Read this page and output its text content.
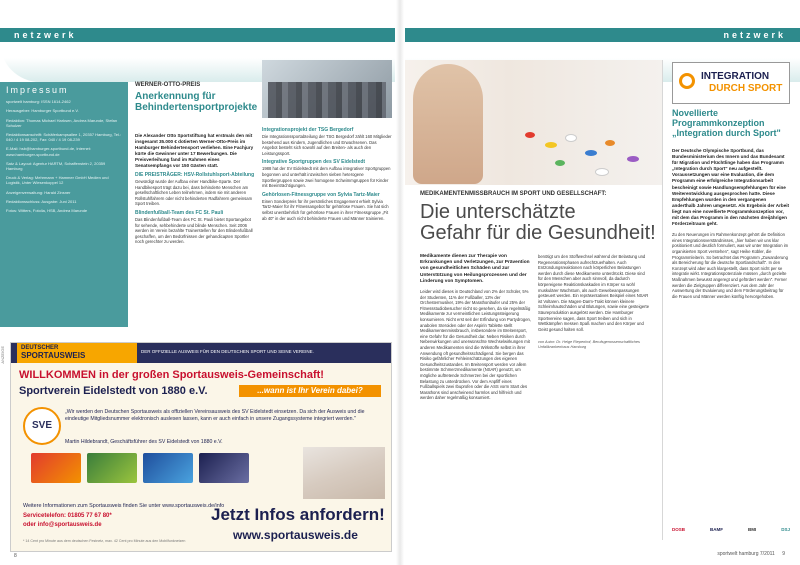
netzwerk
Impressum

sportwelt hamburg: ISSN 1614-2462

Herausgeber: Hamburger Sportbund e.V.

Redaktion: Thomas Michael Harksen, Andrea Marunde, Stefan Schulzer

Redaktionsanschrift: Schäferkampsallee 1, 20357 Hamburg, Tel.: 040 / 4 19 08-202, Fax: 040 / 4 19 08-239

E-Mail: hsb@hamburger-sportbund.de, Internet: www.hamburger-sportbund.de

Satz & Layout: Agentur HARTM, Schaffenstein 2, 20359 Hamburg

Druck & Verlag: Mehrmann + Hammer GmbH Medien und Logistik, Unter Wiesenkoppel 12

Anzeigenverwaltung: Harald Zinsner

Redaktionsschluss: Ausgabe: Juni 2011

Fotos: Witters, Fotolia, HSB, Andrea Marunde

WERNER-OTTO-PREIS
Anerkennung für Behindertensportprojekte
Die Alexander Otto Sportstiftung hat erstmals den mit insgesamt 35.000 € dotierten Werner-Otto-Preis im Hamburger Behindertensport verliehen. Eine Fachjury kürte die Gewinner unter 17 Bewerbungen. Die Preisverleihung fand im Rahmen eines Senatsempfangs vor 150 Gästen statt.
DIE PREISTRÄGER: HSV-Rollstuhlsport-Abteilung
Gewürdigt wurde der Aufbau einer Handbike-Sparte. Der Handbikesport trägt dazu bei, dass behinderte Menschen am gesellschaftlichen Leben teilnehmen, indem sie mit anderen Rollstuhlfahrern oder nicht behinderten Radfahrern gemeinsam Sport treiben.
Blindenfußball-Team des FC St. Pauli
Das Blindenfußball-Team des FC St. Pauli bietet Sportangebot für sehende, sehbehinderte und blinde Menschen. Seit 2006 werden im Verein bezahlte Trainerstellen für den Blindenfußball geschaffen, um den Bedürfnissen der gehandicapten Sportler noch gerechter zu werden.
Integrationsprojekt der TSG Bergedorf
Die Integrationssportabteilung der TSG Bergedorf zählt 160 Mitglieder bestehend aus Kindern, Jugendlichen und Erwachsenen. Das Angebot besteht sich sowohl auf den Breiten- als auch den Leistungssport.
Integrative Sportgruppen des SV Eidelstedt
1988 hat der SV Eidelstedt mit dem Aufbau integrativer Sportgruppen begonnen und unterhält inzwischen sieben heterogene Sportlergruppen sowie zwei homogene Schwimmgruppen für Kinder mit Beeinträchtigungen.
Gehörlosen-Fitnessgruppe von Sylvia Tartz-Maier
Einen Sonderpreis für ihr persönliches Engagement erhielt Sylvia Tartz-Maier für ihr Fitnessangebot für gehörlose Frauen. Sie hat sich selbst unentbehrlich für gehörlose Frauen in ihrer Fitnessgruppe „Fit ab 40" in der auch nicht behinderte Frauen und Männer trainieren.
ANZEIGE	DEUTSCHER
SPORTAUSWEIS	DER OFFIZIELLE AUSWEIS FÜR DEN DEUTSCHEN SPORT UND SEINE VEREINE.
WILLKOMMEN in der großen Sportausweis-Gemeinschaft!
Sportverein Eidelstedt von 1880 e.V.	...wann ist Ihr Verein dabei?
SVE
„Wir werden den Deutschen Sportausweis als offiziellen Vereinsausweis des SV Eidelstedt einsetzen. Da sich der Ausweis und die eindeutige Mitgliedsnummer elektronisch auslesen lassen, kann er auch einfach in unsere Zugangssysteme integriert werden."
Martin Hildebrandt, Geschäftsführer des SV Eidelstedt von 1880 e.V.
Weitere Informationen zum Sportausweis finden Sie unter www.sportausweis.de/info
Servicetelefon: 01805 77 67 80*
oder info@sportausweis.de
* 14 Cent pro Minute aus dem deutschen Festnetz, max. 42 Cent pro Minute aus den Mobilfunknetzen
Jetzt Infos anfordern!
www.sportausweis.de
8
netzwerk
MEDIKAMENTENMISSBRAUCH IM SPORT UND GESELLSCHAFT:
Die unterschätzte
Gefahr für die Gesundheit!
Medikamente dienen zur Therapie von Erkrankungen und Verletzungen, zur Prävention von gesundheitlichen Schäden und zur Unterstützung von Heilungsprozessen und der Linderung von Symptomen.
Leider wird dieses in Deutschland von 2% der Schüler, 5% der Studenten, 11% der Fußballer, 12% der Orchestermusiker, 19% der Marathonläufer und 25% der Fitnessstudiobesucher nicht so gesehen, da sie regelmäßig Medikamente zur vermeintlichen Leistungssteigerung konsumieren. Nicht erst seit der Erfindung von Partydrogen, anabolen Steroiden oder der Aspirin Tablette stellt Medikamentenmissbrauch, insbesondere im Breitensport, eine Gefahr für die Gesundheit dar. Neben Risiken durch Nebenwirkungen und unerwünschte Wechselwirkungen mit anderen Medikamenten sind die Wirkstoffe selbst in ihrer Anwendung oft gesundheitsschädigend. Sie bergen das Risiko gefährlicher Fehleinschätzungen des eigenen Gesundheitszustandes. Im Breitensport werden vor allem bestimmte Schmerzmedikamente (NSAR) genutzt, um mögliche auftretende Schmerzen bei der sportlichen Belastung zu unterdrücken. Vor dem Anpfiff eines Fußballspiels zwei Ibuprofen oder die ASS vorm Start des Marathons sind anscheinend harmlos und hilfreich und werden daher regelmäßig konsumiert.
benötigt um den Stoffwechsel während der Belastung und Regenerationsphasen aufrechtzuerhalten. Auch Entzündungsreaktionen nach körperlichen Belastungen werden durch diese Medikamente unterdrückt. Diese sind für den Menschen aber auch sinnvoll, da dadurch körpereigene Reaktionskaskaden im Körper so wohl muskulärer Wachstum, als auch Gewebeanpassungen gesteuert werden. Ein repräsentatives Beispiel eines NSAR ist Voltaren. Die Magen-Darm-Trakt können kleinere Schleimhautschäden und Blutungen, sowie eine gesteigerte Säureproduktion ausgelöst werden. Die Hamburger Sportvereine sagen, dass Sport treiben und sich in Wettkämpfen messen Spaß machen und den Körper und Geist gesund halten soll.
von Autor: Dr. Helge Riepenhof, Berufsgenossenschaftliches Unfallkrankenhaus Hamburg
INTEGRATION
DURCH SPORT
Novellierte Programmkonzeption „Integration durch Sport"
Der Deutsche Olympische Sportbund, das Bundesministerium des Innern und das Bundesamt für Migration und Flüchtlinge haben das Programm „Integration durch Sport" neu aufgestellt. Voraussetzungen war eine Evaluation, die dem Programm eine erfolgreiche Integrationsarbeit bescheinigt sowie Handlungsempfehlungen für eine Weiterentwicklung ausgesprochen hatte. Diese Empfehlungen wurden in den vergangenen anderthalb Jahren umgesetzt. Als Ergebnis der Arbeit liegt nun eine novellierte Programmkonzeption vor, mit dem das Programm in den nächsten dreijährigen Förderzeitraum geht.
Zu den Neuerungen im Rahmenkonzept gehört die Definition eines Integrationsverständnisses, „hier haben wir uns klar positioniert und deutlich formuliert, was wir unter Integration im organisierten Sport verstehen", sagt Heike Kübler, die Programmleiterin. So betrachtet das Programm „Zuwanderung als Bereicherung für die deutsche Sportlandschaft". In den Konzept wird aber auch klargestellt, dass Sport nicht per se integrativ wirkt. Integrationspotenziale müssen „durch gezielte Maßnahmen bewusst angeregt und gefördert werden". Ferner werden die Zielgruppen differenziert. Aus dem Jahr der Auswertung der Evaluierung und dem Förderungsbeitrag für die Frauen und Männer werden künftig hervorgehoben.
DOSB	BAMF	BMI	DSJ
sportwelt hamburg 7/2011 9
